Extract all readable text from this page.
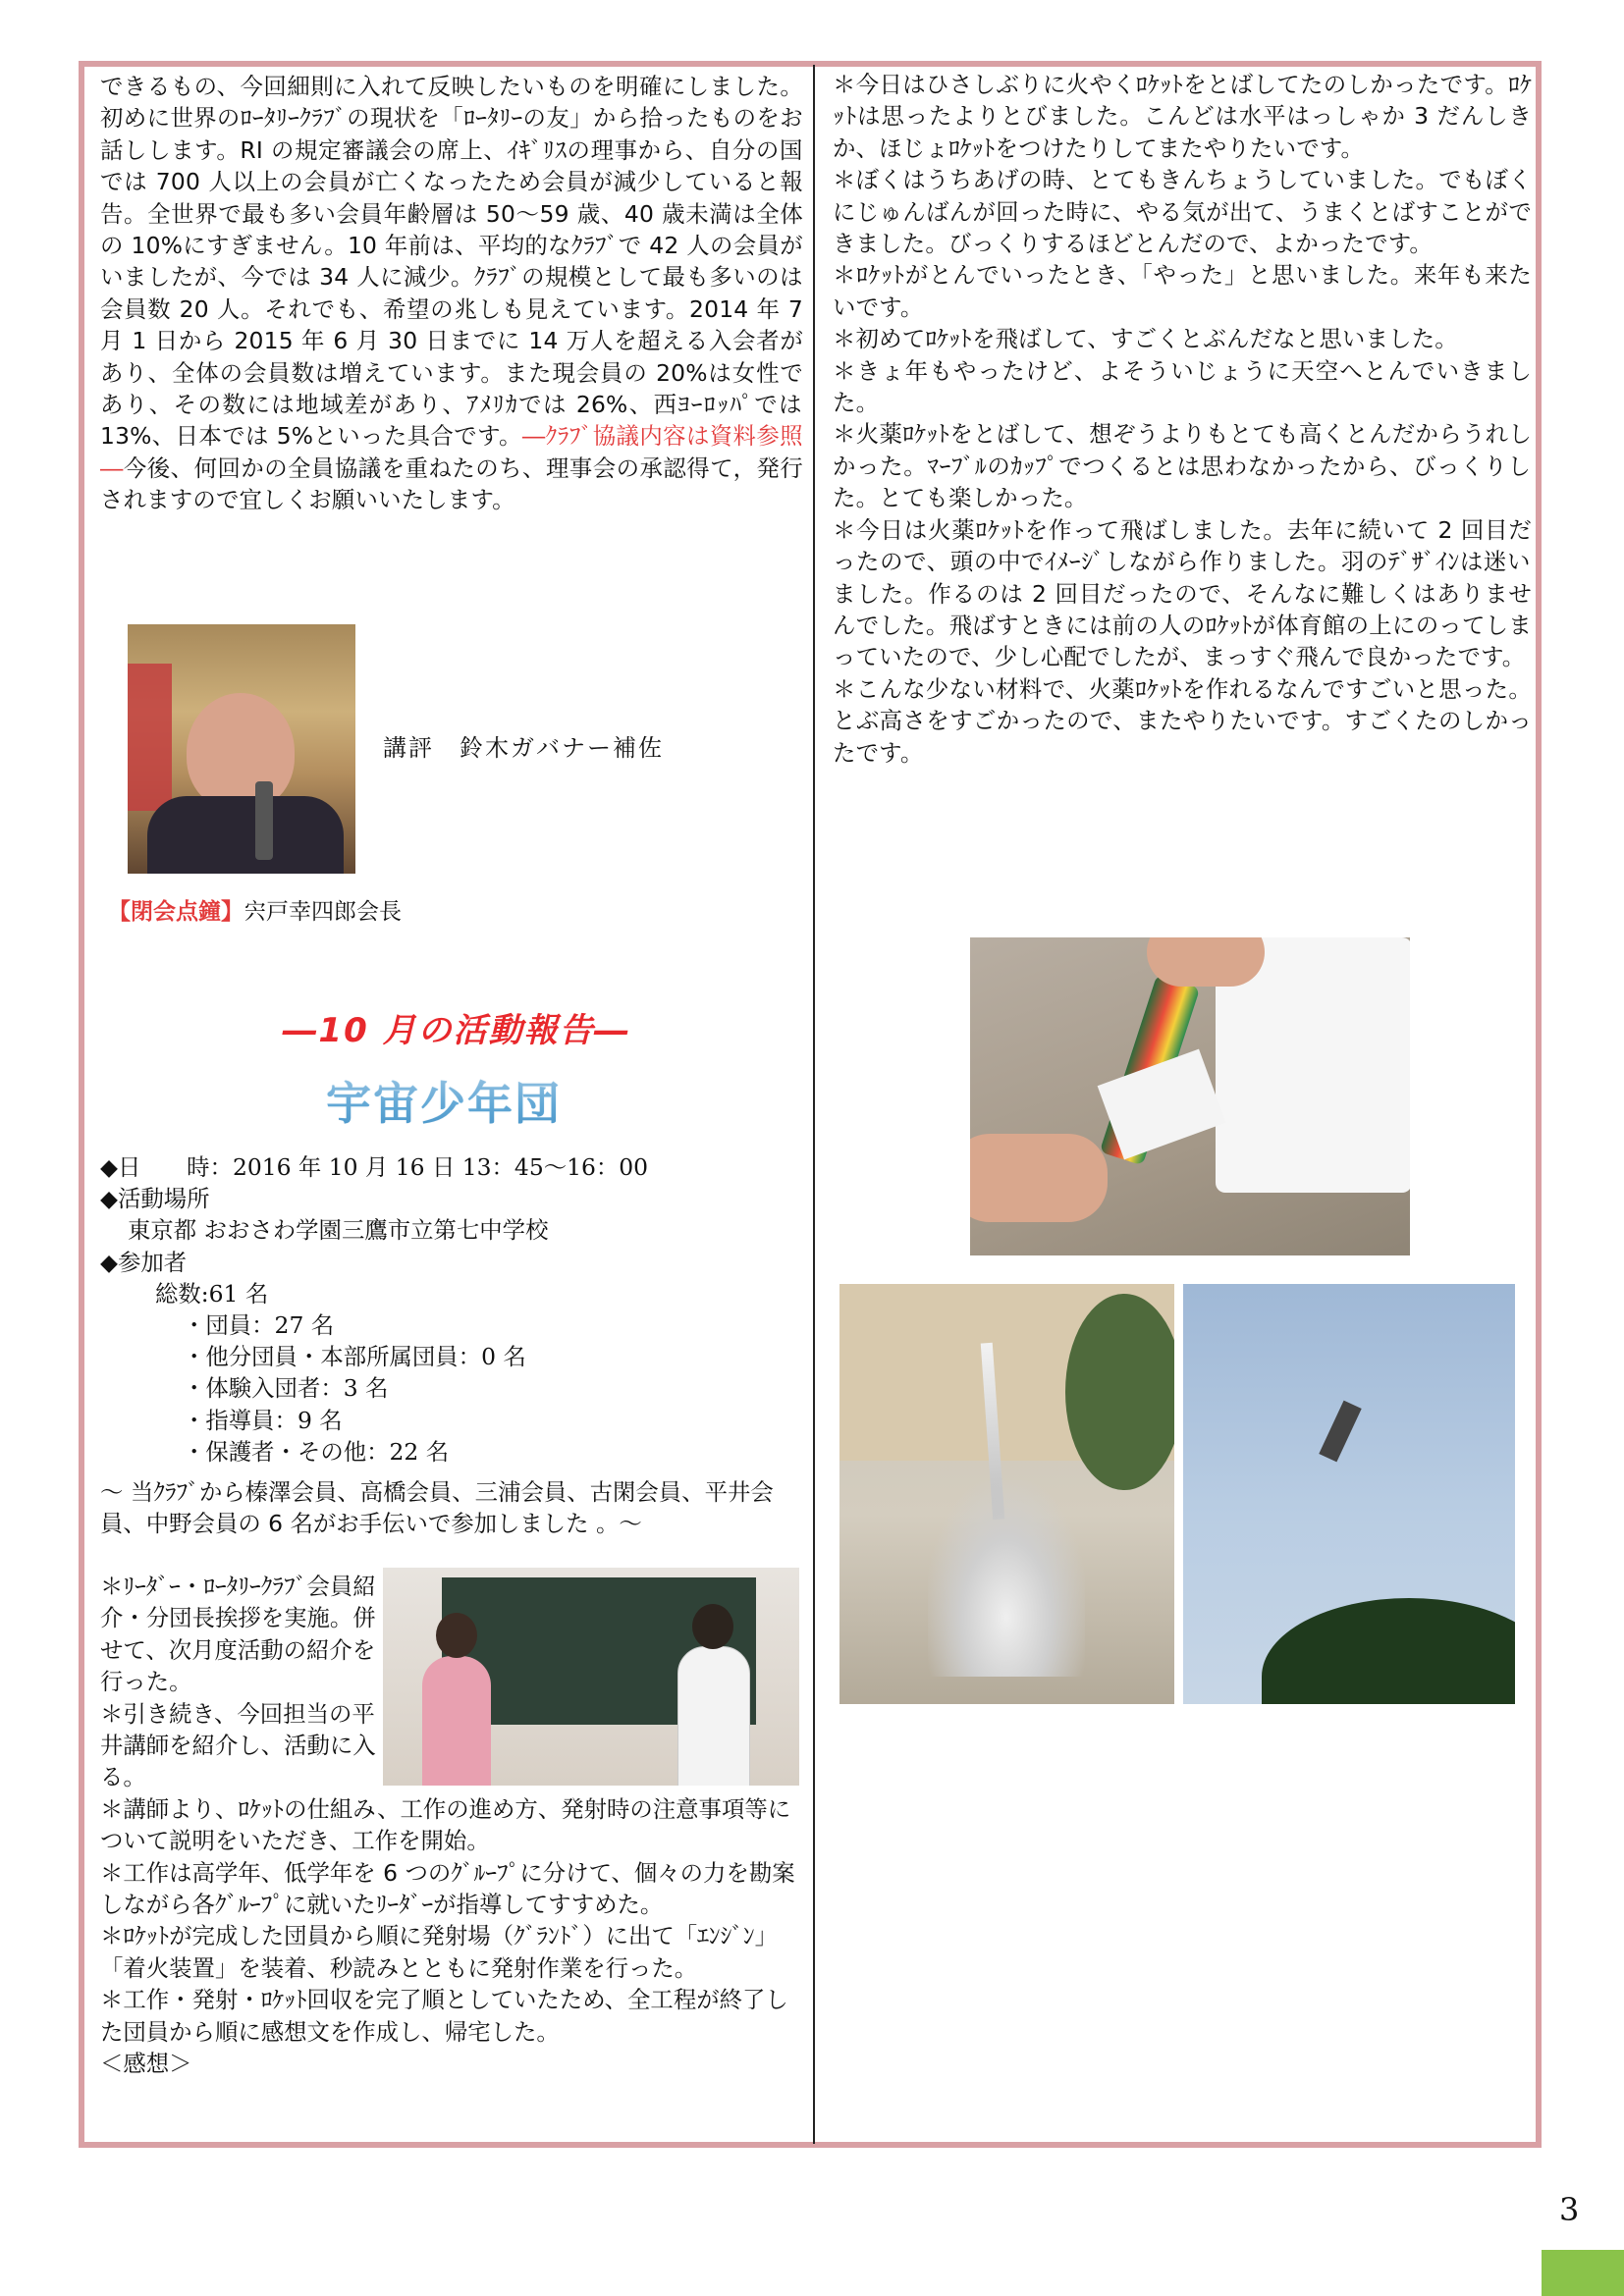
できるもの、今回細則に入れて反映したいものを明確にしました。初めに世界のﾛｰﾀﾘｰｸﾗﾌﾞの現状を「ﾛｰﾀﾘｰの友」から拾ったものをお話しします。RI の規定審議会の席上、ｲｷﾞﾘｽの理事から、自分の国では 700 人以上の会員が亡くなったため会員が減少していると報告。全世界で最も多い会員年齢層は 50〜59 歳、40 歳未満は全体の 10%にすぎません。10 年前は、平均的なｸﾗﾌﾞで 42 人の会員がいましたが、今では 34 人に減少。ｸﾗﾌﾞの規模として最も多いのは会員数 20 人。それでも、希望の兆しも見えています。2014 年 7 月 1 日から 2015 年 6 月 30 日までに 14 万人を超える入会者があり、全体の会員数は増えています。また現会員の 20%は女性であり、その数には地域差があり、ｱﾒﾘｶでは 26%、西ﾖｰﾛｯﾊﾟでは 13%、日本では 5%といった具合です。―ｸﾗﾌﾞ協議内容は資料参照―今後、何回かの全員協議を重ねたのち、理事会の承認得て，発行されますので宜しくお願いいたします。

講評　鈴木ガバナー補佐
【閉会点鐘】宍戸幸四郎会長
―10 月の活動報告―
宇宙少年団
◆日　　時：2016 年 10 月 16 日 13：45〜16：00
◆活動場所
東京都 おおさわ学園三鷹市立第七中学校
◆参加者
総数:61 名
・団員：27 名
・他分団員・本部所属団員：0 名
・体験入団者：3 名
・指導員：9 名
・保護者・その他：22 名
〜 当ｸﾗﾌﾞから榛澤会員、高橋会員、三浦会員、古閑会員、平井会員、中野会員の 6 名がお手伝いで参加しました 。〜
＊ﾘｰﾀﾞｰ・ﾛｰﾀﾘｰｸﾗﾌﾞ会員紹介・分団長挨拶を実施。併せて、次月度活動の紹介を行った。
＊引き続き、今回担当の平井講師を紹介し、活動に入る。
＊講師より、ﾛｹｯﾄの仕組み、工作の進め方、発射時の注意事項等について説明をいただき、工作を開始。
＊工作は高学年、低学年を 6 つのｸﾞﾙｰﾌﾟに分けて、個々の力を勘案しながら各ｸﾞﾙｰﾌﾟに就いたﾘｰﾀﾞｰが指導してすすめた。
＊ﾛｹｯﾄが完成した団員から順に発射場（ｸﾞﾗﾝﾄﾞ）に出て「ｴﾝｼﾞﾝ」「着火装置」を装着、秒読みとともに発射作業を行った。
＊工作・発射・ﾛｹｯﾄ回収を完了順としていたため、全工程が終了した団員から順に感想文を作成し、帰宅した。
＜感想＞
＊今日はひさしぶりに火やくﾛｹｯﾄをとばしてたのしかったです。ﾛｹｯﾄは思ったよりとびました。こんどは水平はっしゃか 3 だんしきか、ほじょﾛｹｯﾄをつけたりしてまたやりたいです。
＊ぼくはうちあげの時、とてもきんちょうしていました。でもぼくにじゅんばんが回った時に、やる気が出て、うまくとばすことができました。びっくりするほどとんだので、よかったです。
＊ﾛｹｯﾄがとんでいったとき、「やった」と思いました。来年も来たいです。
＊初めてﾛｹｯﾄを飛ばして、すごくとぶんだなと思いました。
＊きょ年もやったけど、よそういじょうに天空へとんでいきました。
＊火薬ﾛｹｯﾄをとばして、想ぞうよりもとても高くとんだからうれしかった。ﾏｰﾌﾞﾙのｶｯﾌﾟでつくるとは思わなかったから、びっくりした。とても楽しかった。
＊今日は火薬ﾛｹｯﾄを作って飛ばしました。去年に続いて 2 回目だったので、頭の中でｲﾒｰｼﾞしながら作りました。羽のﾃﾞｻﾞｲﾝは迷いました。作るのは 2 回目だったので、そんなに難しくはありませんでした。飛ばすときには前の人のﾛｹｯﾄが体育館の上にのってしまっていたので、少し心配でしたが、まっすぐ飛んで良かったです。
＊こんな少ない材料で、火薬ﾛｹｯﾄを作れるなんですごいと思った。とぶ高さをすごかったので、またやりたいです。すごくたのしかったです。
3
